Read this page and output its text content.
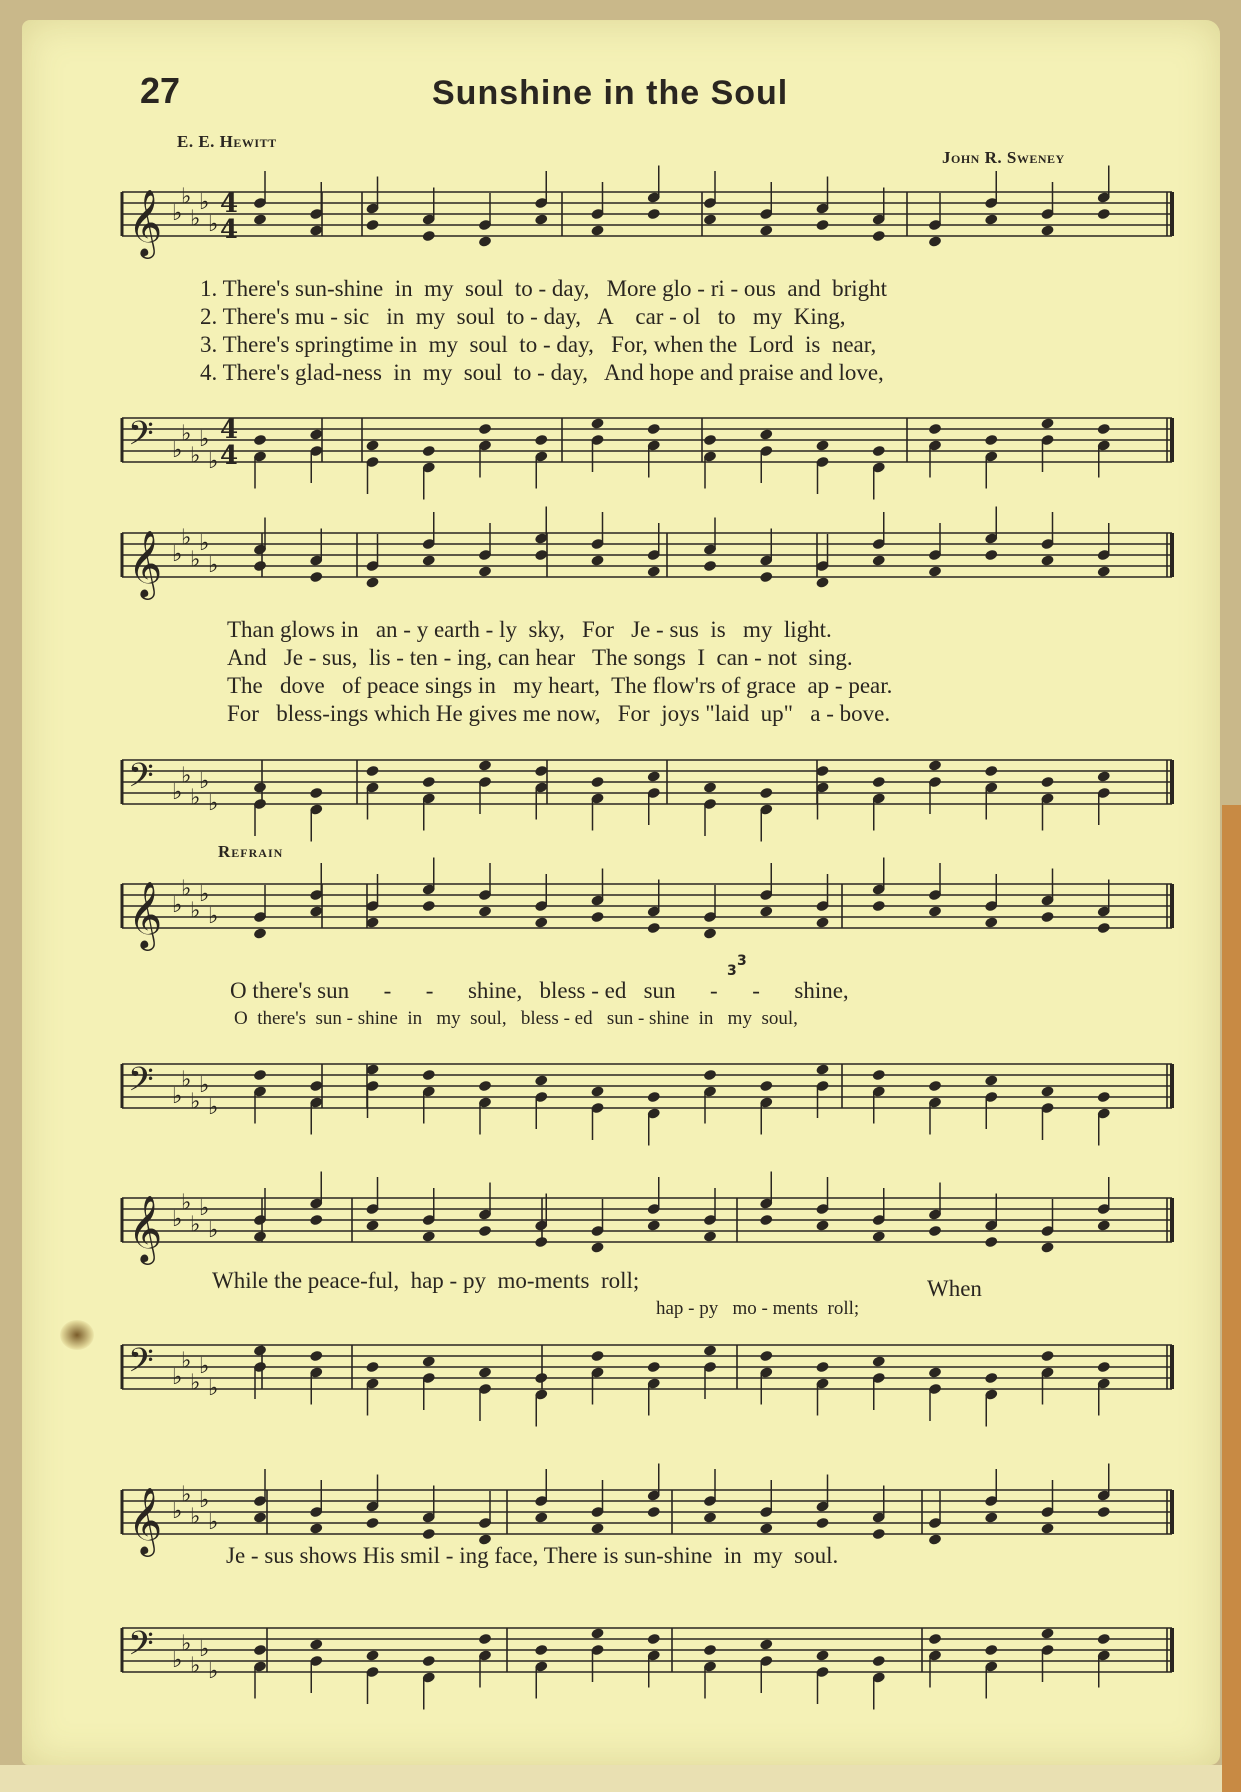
𝄞 ♭
♭
♭
♭
♭
4
4
𝄢 ♭
♭
♭
♭
♭
4
4
𝄞 ♭
♭
♭
♭
♭
𝄢 ♭
♭
♭
♭
♭
𝄞 ♭
♭
♭
♭
♭
𝄢 ♭
♭
♭
♭
♭
𝄞 ♭
♭
♭
♭
♭
𝄢 ♭
♭
♭
♭
♭
𝄞 ♭
♭
♭
♭
♭
𝄢 ♭
♭
♭
♭
♭
3
3
27	Sunshine in the Soul
E. E. Hewitt
John R. Sweney
1. There's sun-shine  in  my  soul  to - day,   More glo - ri - ous  and  bright
2. There's mu - sic   in  my  soul  to - day,   A    car - ol   to   my  King,
3. There's springtime in  my  soul  to - day,   For, when the  Lord  is  near,
4. There's glad-ness  in  my  soul  to - day,   And hope and praise and love,
Than glows in   an - y earth - ly  sky,   For   Je - sus  is   my  light.
And   Je - sus,  lis - ten - ing, can hear   The songs  I  can - not  sing.
The   dove   of peace sings in   my heart,  The flow'rs of grace  ap - pear.
For   bless-ings which He gives me now,   For  joys "laid  up"   a - bove.
Refrain
O there's sun      -      -      shine,   bless - ed   sun      -      -      shine,
O  there's  sun - shine  in   my  soul,   bless - ed   sun - shine  in   my  soul,
While the peace-ful,  hap - py  mo-ments  roll;	When
hap - py   mo - ments  roll;
Je - sus shows His smil - ing face, There is sun-shine  in  my  soul.
